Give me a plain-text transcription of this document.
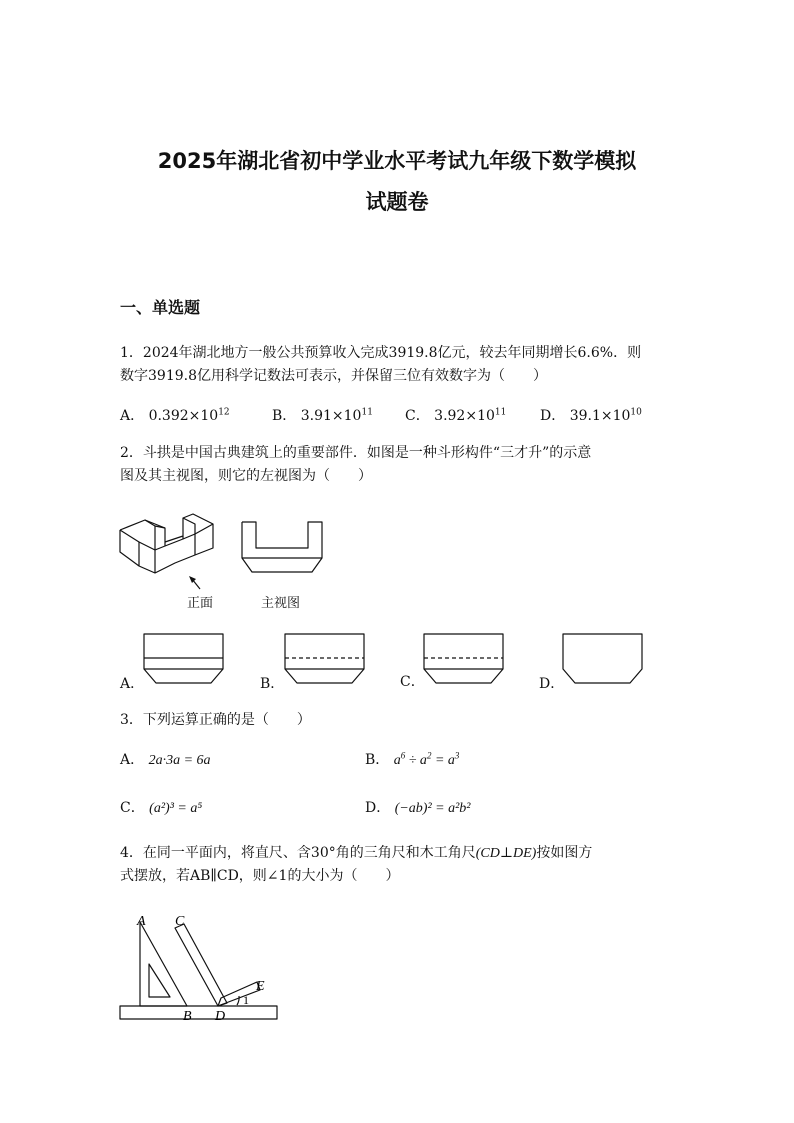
2025年湖北省初中学业水平考试九年级下数学模拟
试题卷
一、单选题
1．2024年湖北地方一般公共预算收入完成3919.8亿元，较去年同期增长6.6%．则
数字3919.8亿用科学记数法可表示，并保留三位有效数字为（　　）
A． $0.392\times 10^{12}$	B． $3.91\times 10^{11}$ C． $3.92\times 10^{11}$ D． $39.1\times 10^{10}$
2．斗拱是中国古典建筑上的重要部件．如图是一种斗形构件“三才升”的示意
图及其主视图，则它的左视图为（　　）
正面	主视图
A．	B．	C．	D．
3．下列运算正确的是（　　）
A． 2a·3a = 6a	B． $a^6 \div a^2 = a^3$
C． (a²)³ = a⁵	D． (−ab)² = a²b²
4．在同一平面内，将直尺、含30°角的三角尺和木工角尺(CD⊥DE)按如图方
式摆放，若AB∥CD，则∠1的大小为（　　）
A C
B D
E
1
